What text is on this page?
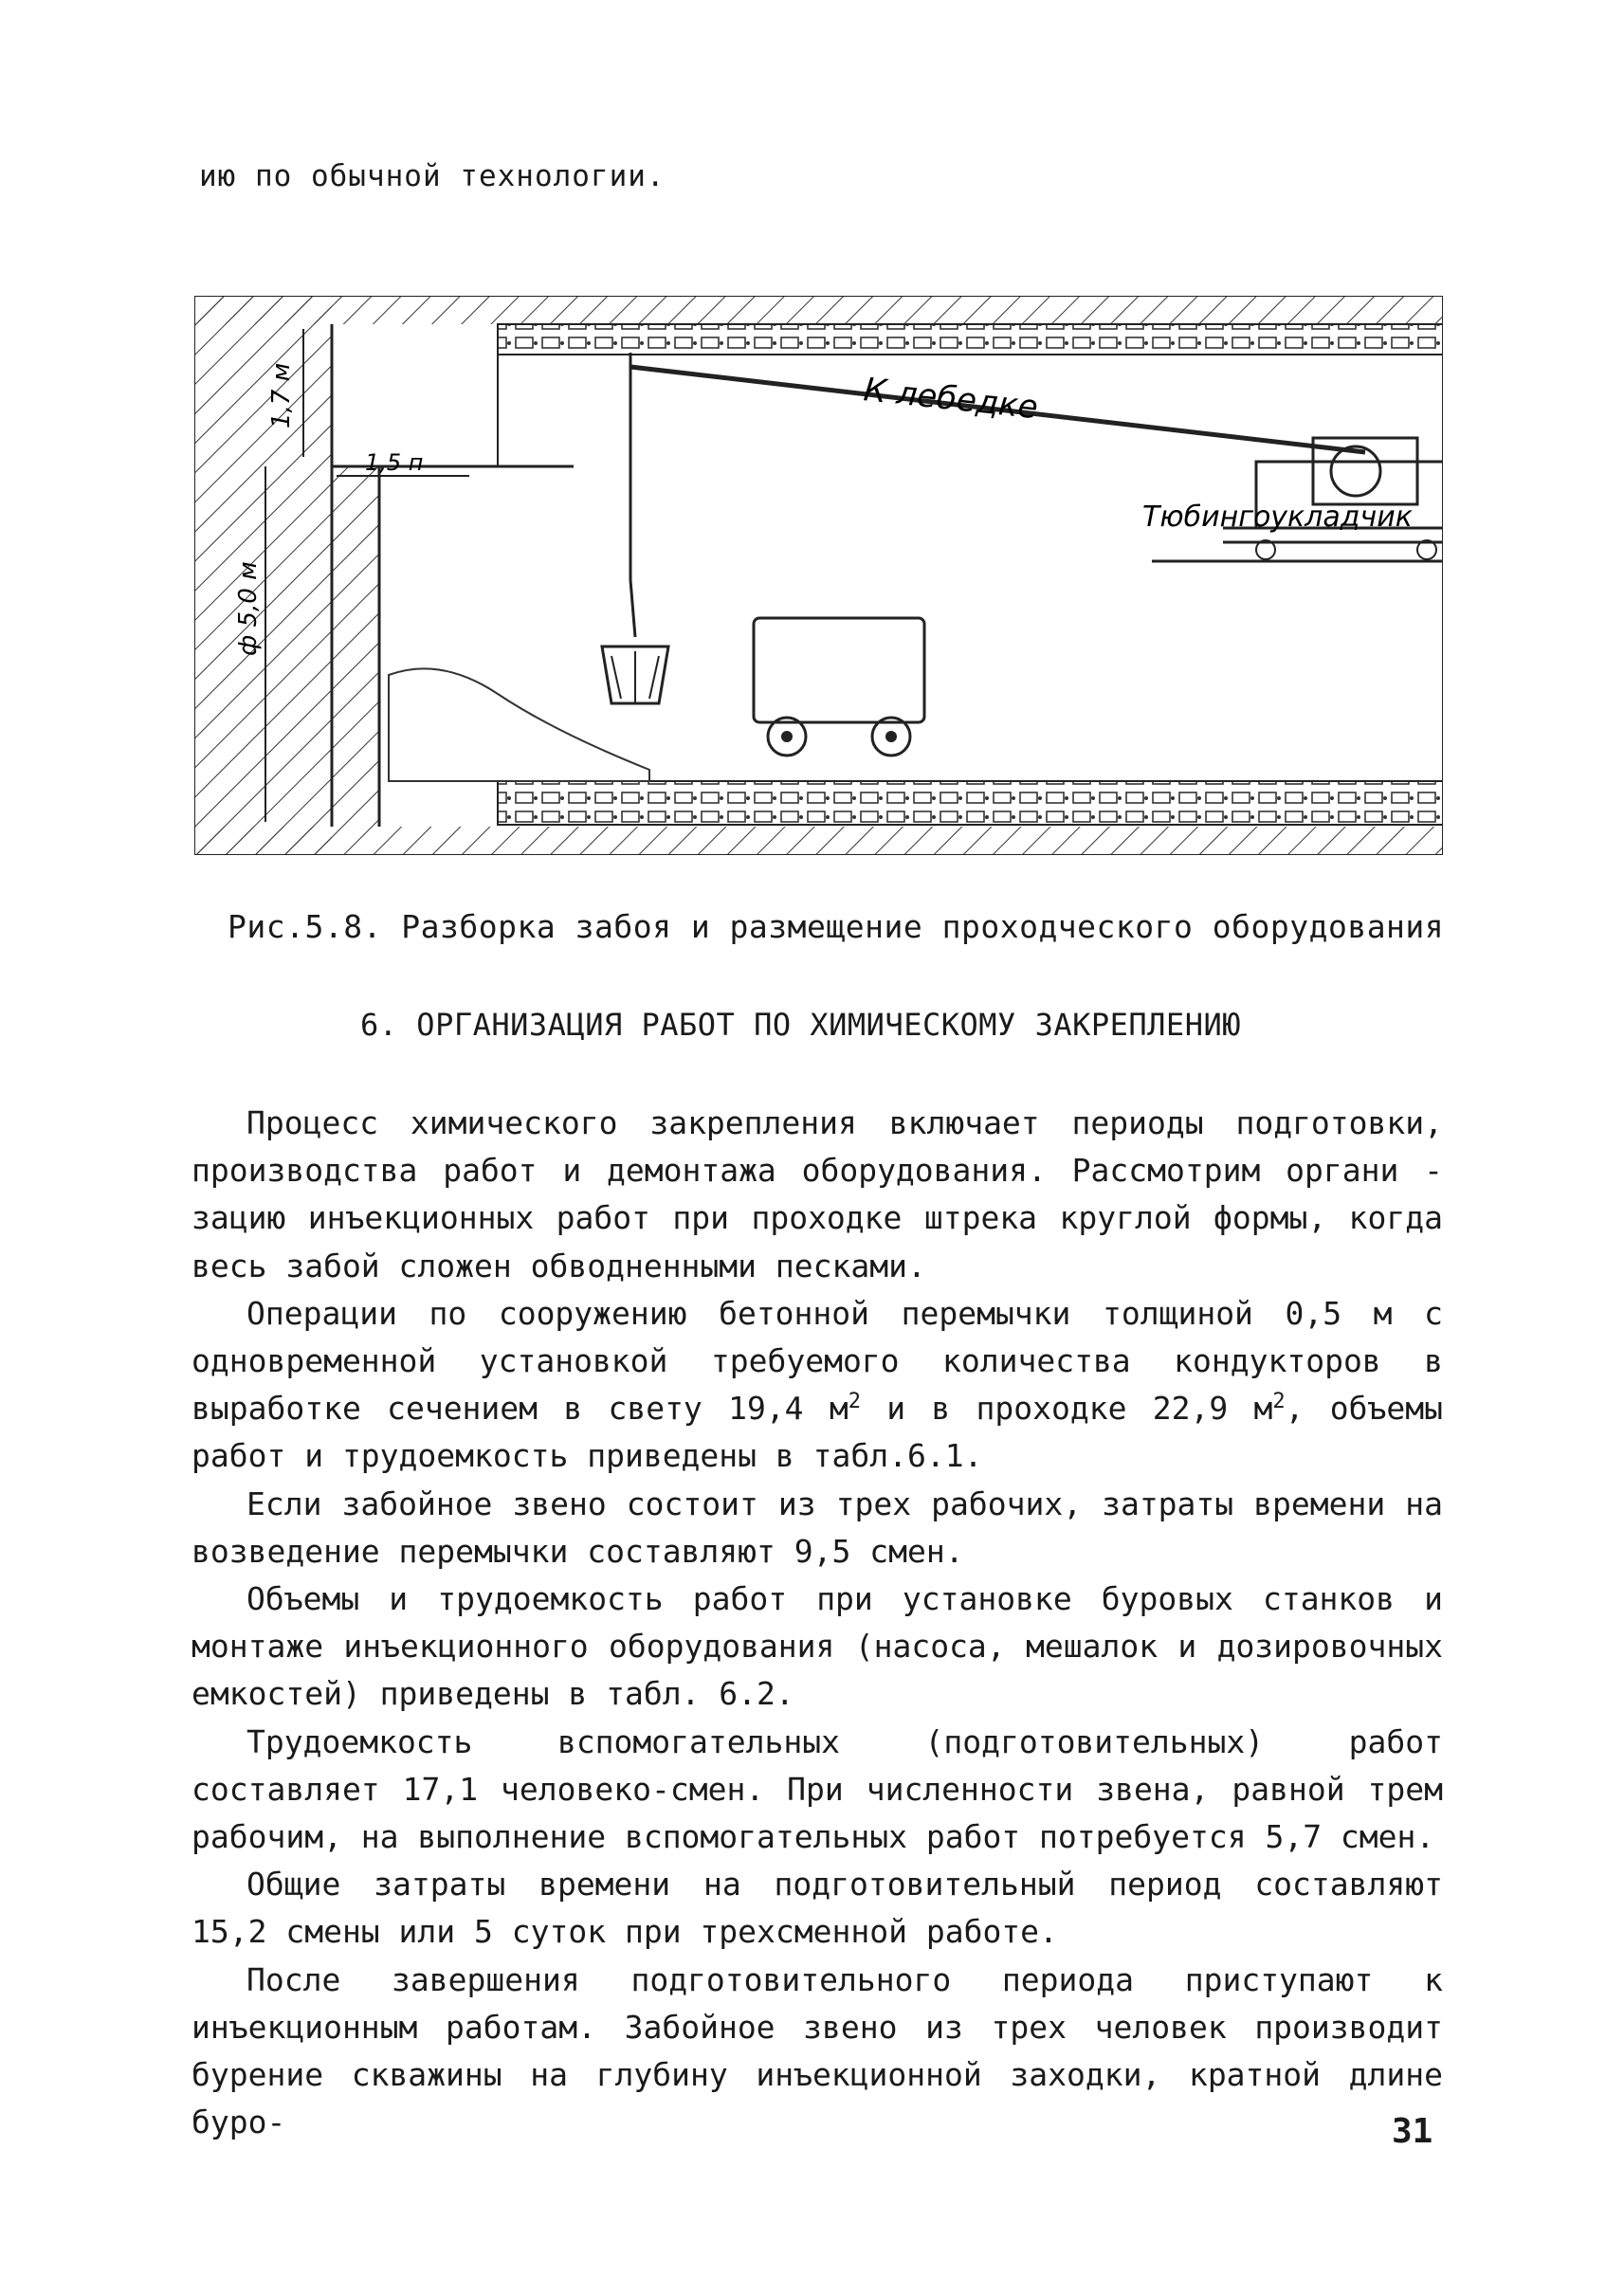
ию по обычной технологии.
1,7 м
1,5 п
ф 5,0 м
К лебедке
Тюбингоукладчик
Рис.5.8. Разборка забоя и размещение проходческого оборудования
6. ОРГАНИЗАЦИЯ РАБОТ ПО ХИМИЧЕСКОМУ ЗАКРЕПЛЕНИЮ

Процесс химического закрепления включает периоды подготовки, производства работ и демонтажа оборудования. Рассмотрим органи - зацию инъекционных работ при проходке штрека круглой формы, когда весь забой сложен обводненными песками.

Операции по сооружению бетонной перемычки толщиной 0,5 м с одновременной установкой требуемого количества кондукторов в выработке сечением в свету 19,4 $м^2$ и в проходке 22,9 $м^2$, объемы работ и трудоемкость приведены в табл.6.1.

Если забойное звено состоит из трех рабочих, затраты времени на возведение перемычки составляют 9,5 смен.

Объемы и трудоемкость работ при установке буровых станков и монтаже инъекционного оборудования (насоса, мешалок и дозировочных емкостей) приведены в табл. 6.2.

Трудоемкость вспомогательных (подготовительных) работ составляет 17,1 человеко-смен. При численности звена, равной трем рабочим, на выполнение вспомогательных работ потребуется 5,7 смен.

Общие затраты времени на подготовительный период составляют 15,2 смены или 5 суток при трехсменной работе.

После завершения подготовительного периода приступают к инъекционным работам. Забойное звено из трех человек производит бурение скважины на глубину инъекционной заходки, кратной длине буро-	31
